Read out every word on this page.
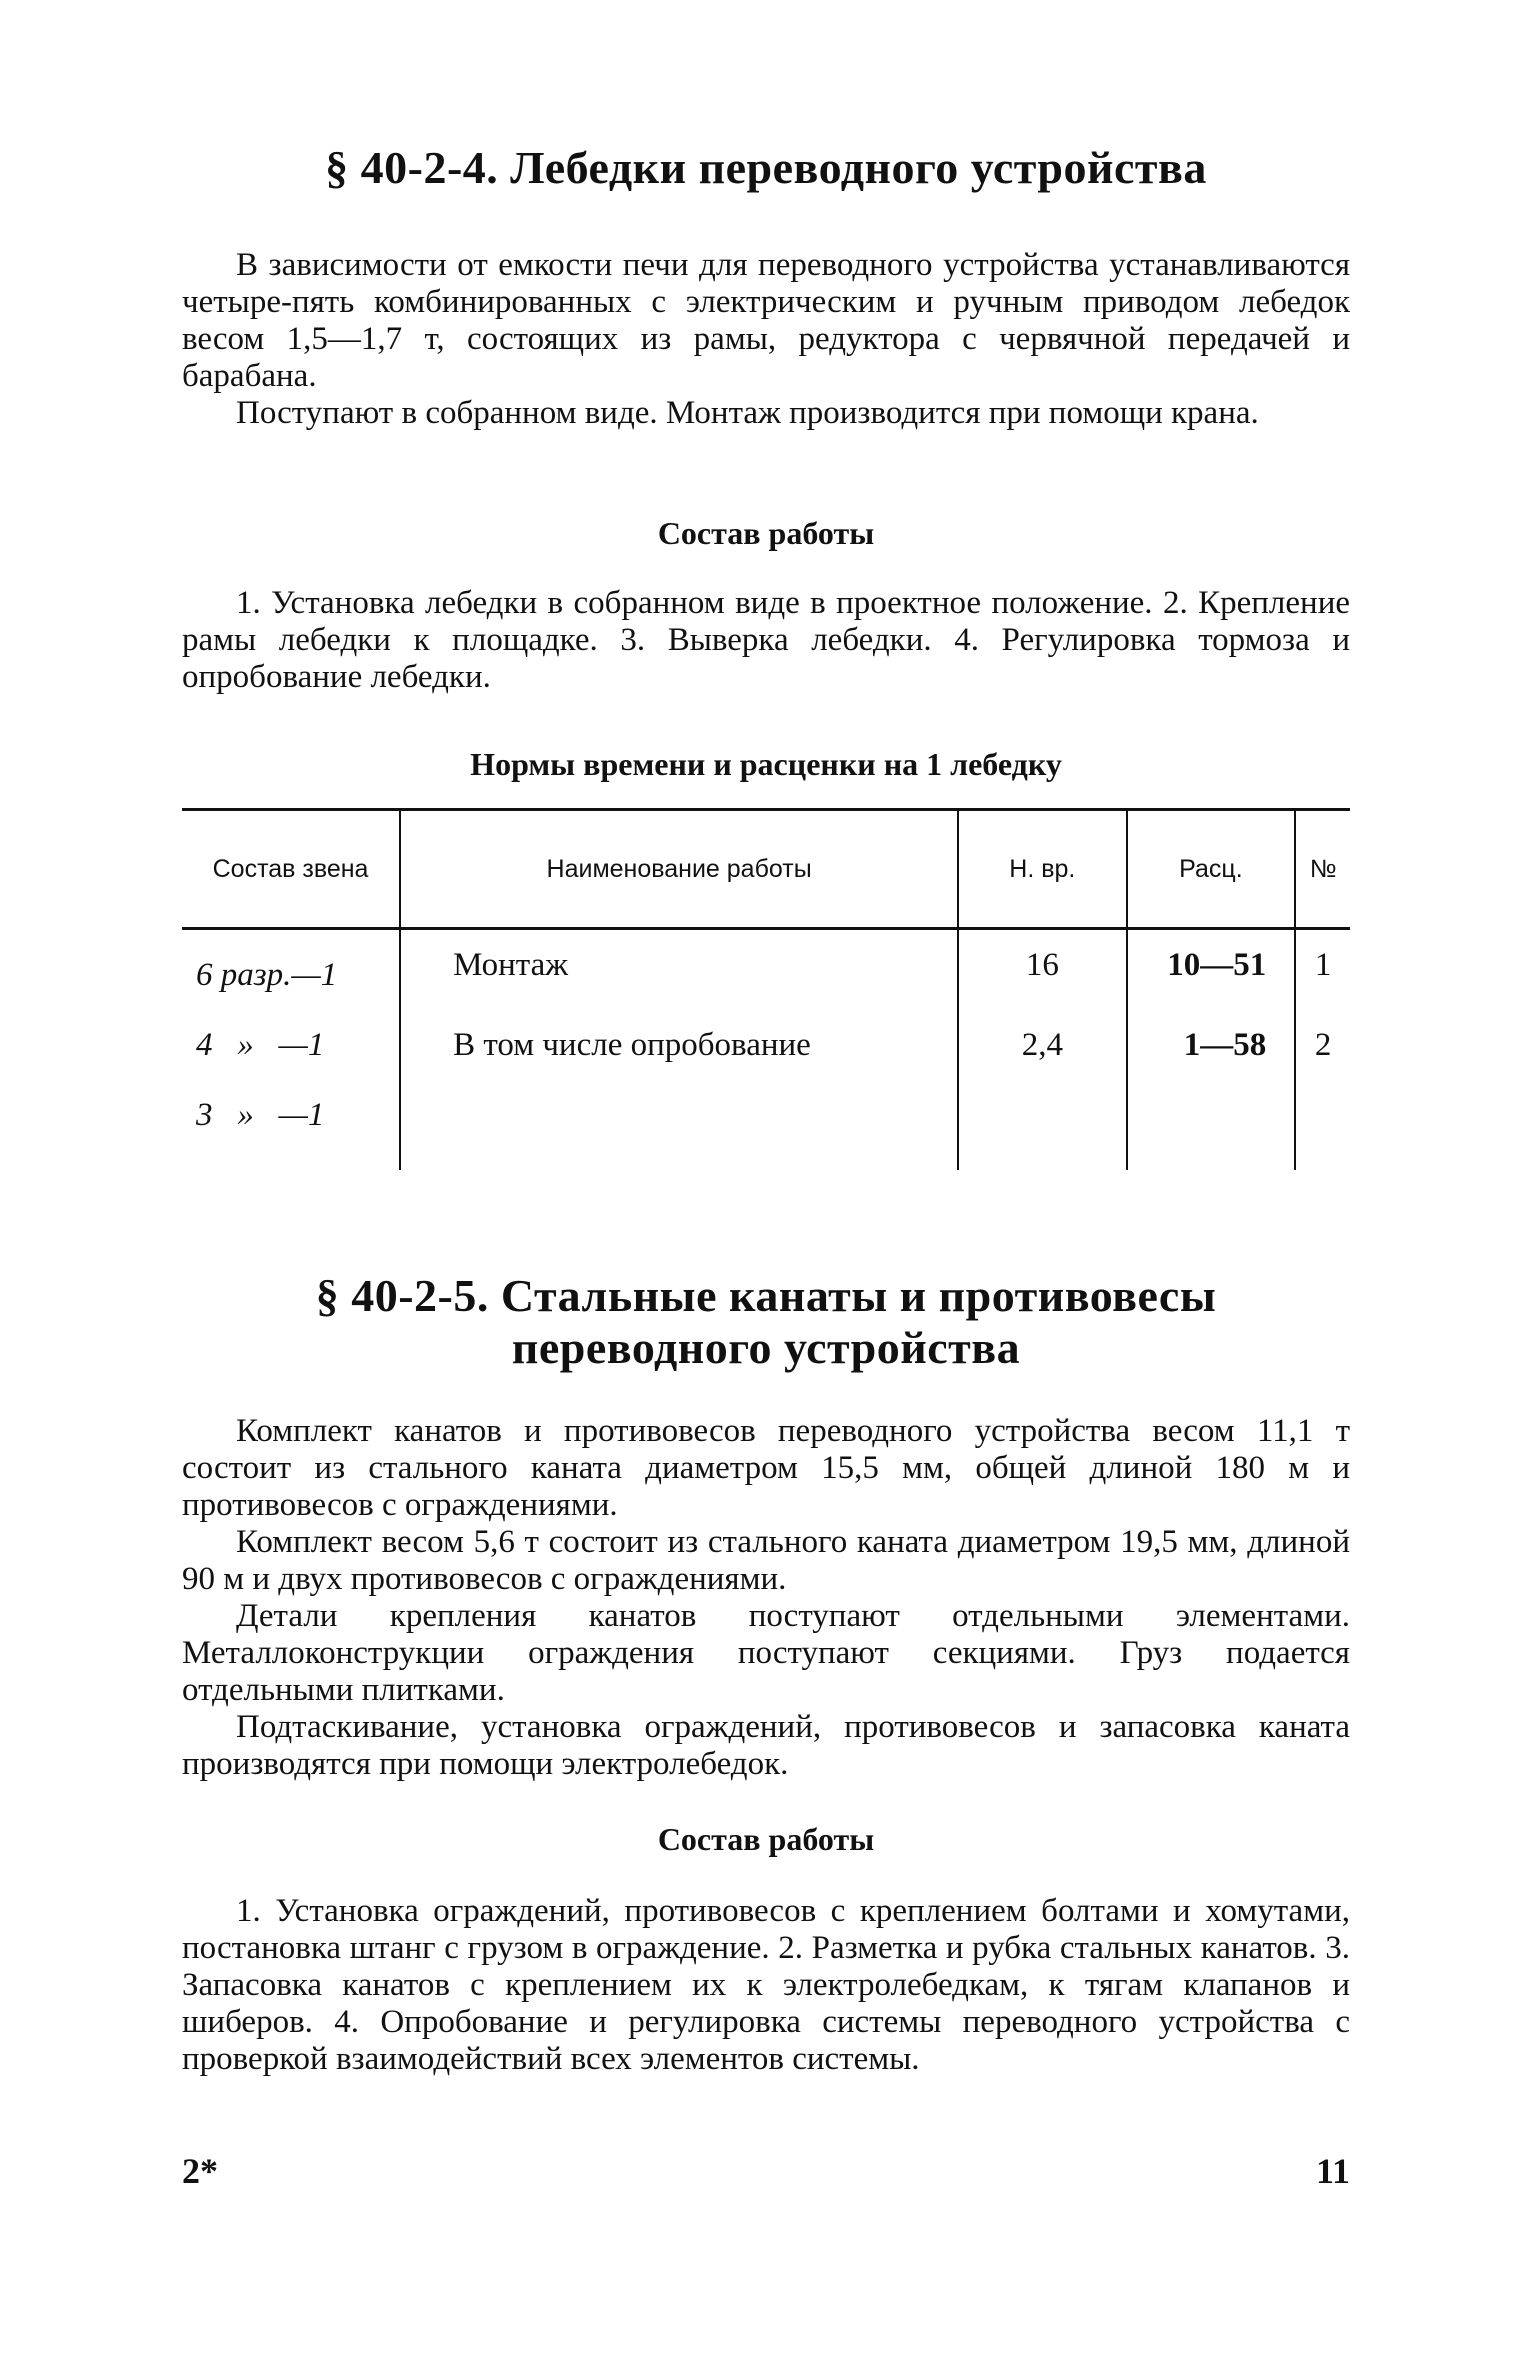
§ 40-2-4. Лебедки переводного устройства

В зависимости от емкости печи для переводного устройства устанавливаются четыре-пять комбинированных с электрическим и ручным приводом лебедок весом 1,5—1,7 т, состоящих из рамы, редуктора с червячной передачей и барабана.

Поступают в собранном виде. Монтаж производится при помощи крана.

Состав работы

1. Установка лебедки в собранном виде в проектное положение. 2. Крепление рамы лебедки к площадке. 3. Выверка лебедки. 4. Регулировка тормоза и опробование лебедки.

Нормы времени и расценки на 1 лебедку
Состав звена	Наименование работы	Н. вр.	Расц.	№
6 разр.—1	Монтаж	16	10—51	1
4   »   —1	В том числе опробование	2,4	1—58	2
3   »   —1				
§ 40-2-5. Стальные канаты и противовесы
переводного устройства

Комплект канатов и противовесов переводного устройства весом 11,1 т состоит из стального каната диаметром 15,5 мм, общей длиной 180 м и противовесов с ограждениями.

Комплект весом 5,6 т состоит из стального каната диаметром 19,5 мм, длиной 90 м и двух противовесов с ограждениями.

Детали крепления канатов поступают отдельными элементами. Металлоконструкции ограждения поступают секциями. Груз подается отдельными плитками.

Подтаскивание, установка ограждений, противовесов и запасовка каната производятся при помощи электролебедок.

Состав работы

1. Установка ограждений, противовесов с креплением болтами и хомутами, постановка штанг с грузом в ограждение. 2. Разметка и рубка стальных канатов. 3. Запасовка канатов с креплением их к электролебедкам, к тягам клапанов и шиберов. 4. Опробование и регулировка системы переводного устройства с проверкой взаимодействий всех элементов системы.

2*	11
